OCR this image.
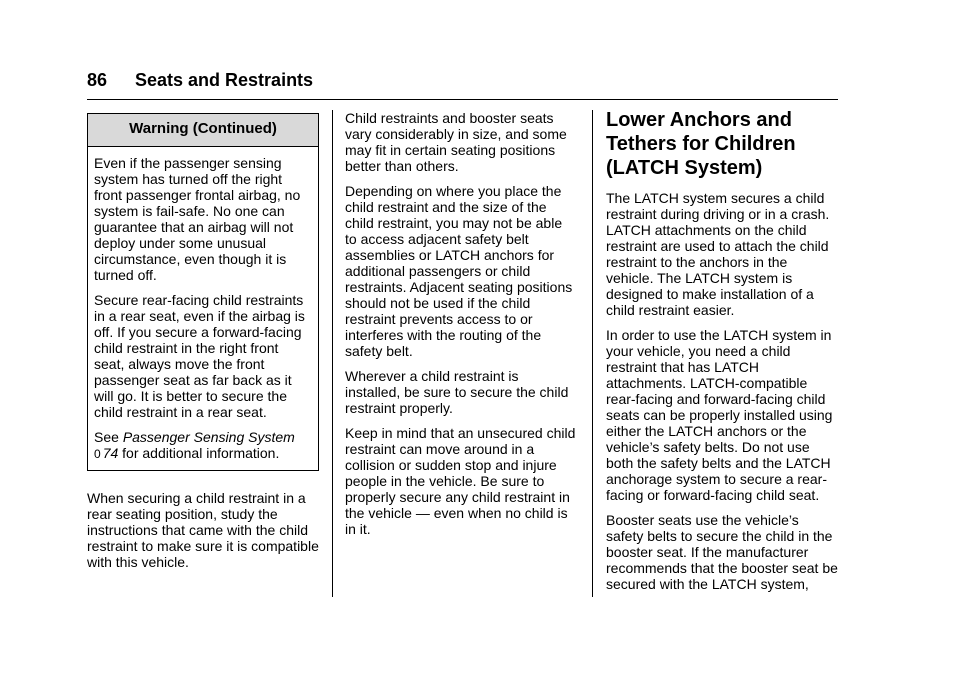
86	Seats and Restraints
Warning (Continued)

Even if the passenger sensing system has turned off the right front passenger frontal airbag, no system is fail-safe. No one can guarantee that an airbag will not deploy under some unusual circumstance, even though it is turned off.

Secure rear-facing child restraints in a rear seat, even if the airbag is off. If you secure a forward-facing child restraint in the right front seat, always move the front passenger seat as far back as it will go. It is better to secure the child restraint in a rear seat.

See Passenger Sensing System
0 74 for additional information.

When securing a child restraint in a rear seating position, study the instructions that came with the child restraint to make sure it is compatible with this vehicle.

Child restraints and booster seats vary considerably in size, and some may fit in certain seating positions better than others.

Depending on where you place the child restraint and the size of the child restraint, you may not be able to access adjacent safety belt assemblies or LATCH anchors for additional passengers or child restraints. Adjacent seating positions should not be used if the child restraint prevents access to or interferes with the routing of the safety belt.

Wherever a child restraint is installed, be sure to secure the child restraint properly.

Keep in mind that an unsecured child restraint can move around in a collision or sudden stop and injure people in the vehicle. Be sure to properly secure any child restraint in the vehicle — even when no child is in it.

Lower Anchors and Tethers for Children (LATCH System)

The LATCH system secures a child restraint during driving or in a crash. LATCH attachments on the child restraint are used to attach the child restraint to the anchors in the vehicle. The LATCH system is designed to make installation of a child restraint easier.

In order to use the LATCH system in your vehicle, you need a child restraint that has LATCH attachments. LATCH-compatible rear-facing and forward-facing child seats can be properly installed using either the LATCH anchors or the vehicle’s safety belts. Do not use both the safety belts and the LATCH anchorage system to secure a rear-facing or forward-facing child seat.

Booster seats use the vehicle’s safety belts to secure the child in the booster seat. If the manufacturer recommends that the booster seat be secured with the LATCH system,
